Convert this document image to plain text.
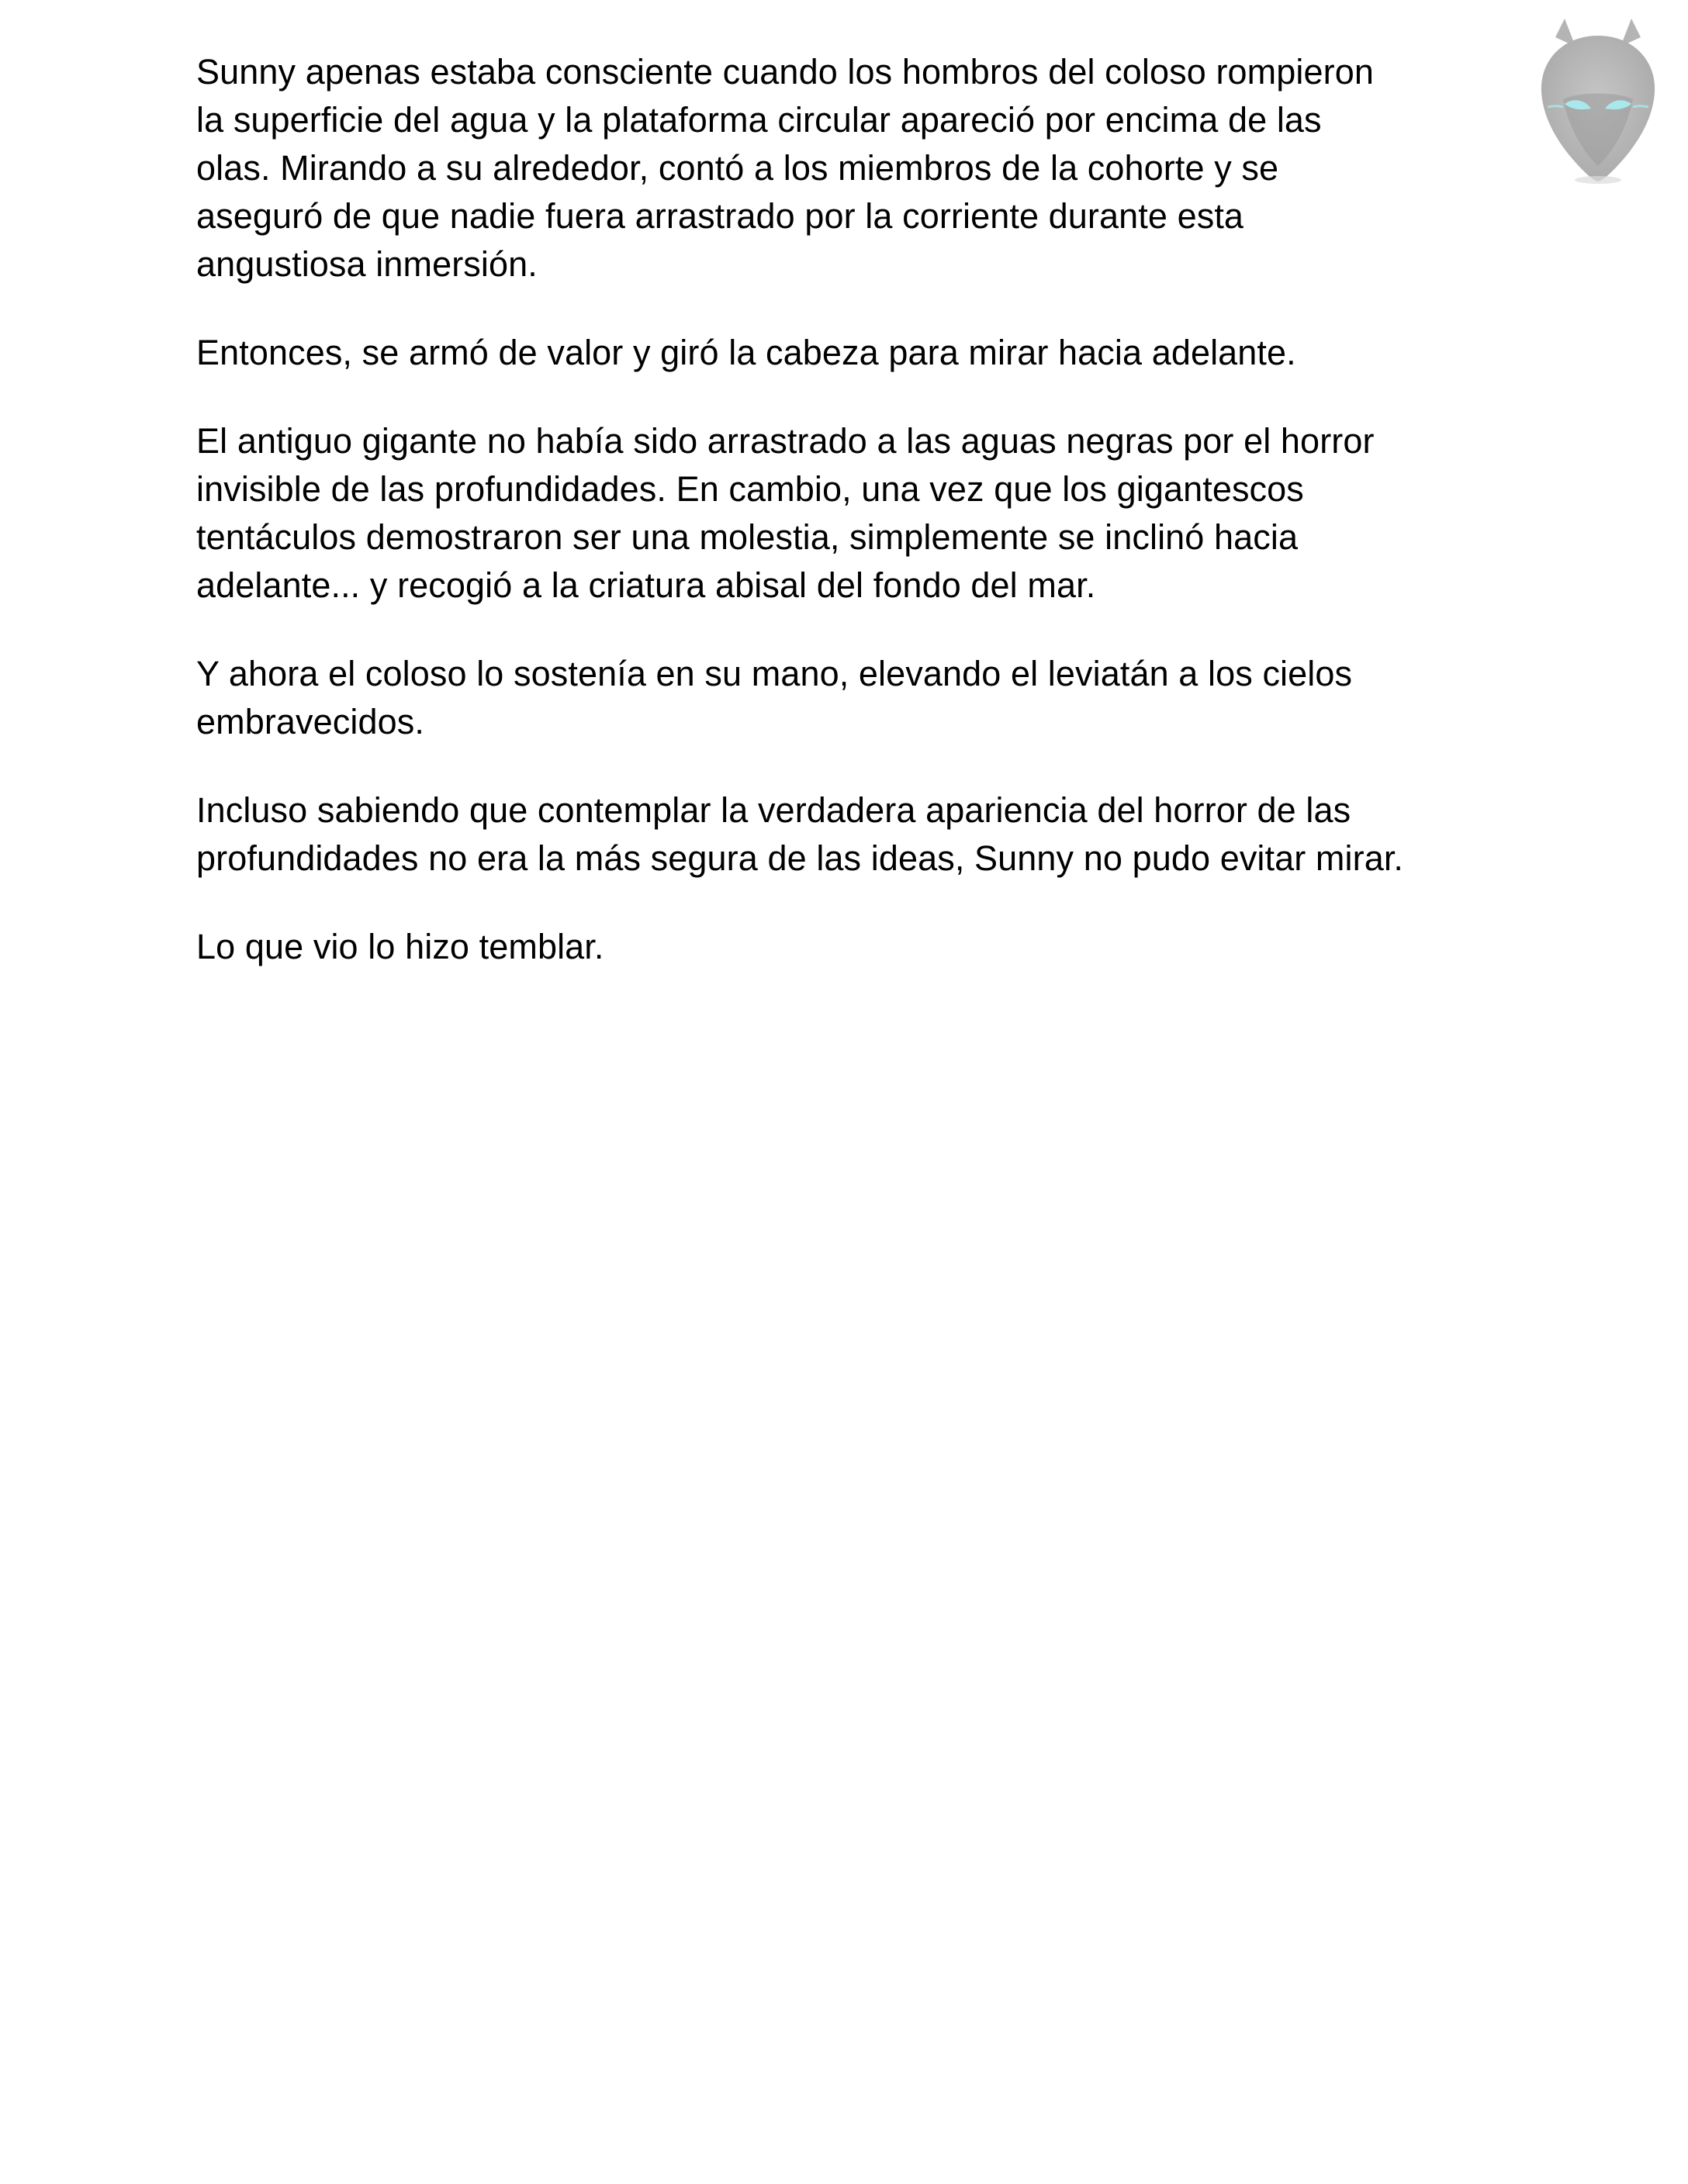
Sunny apenas estaba consciente cuando los hombros del coloso rompieron
la superficie del agua y la plataforma circular apareció por encima de las
olas. Mirando a su alrededor, contó a los miembros de la cohorte y se
aseguró de que nadie fuera arrastrado por la corriente durante esta
angustiosa inmersión.

Entonces, se armó de valor y giró la cabeza para mirar hacia adelante.

El antiguo gigante no había sido arrastrado a las aguas negras por el horror
invisible de las profundidades. En cambio, una vez que los gigantescos
tentáculos demostraron ser una molestia, simplemente se inclinó hacia
adelante... y recogió a la criatura abisal del fondo del mar.

Y ahora el coloso lo sostenía en su mano, elevando el leviatán a los cielos
embravecidos.

Incluso sabiendo que contemplar la verdadera apariencia del horror de las
profundidades no era la más segura de las ideas, Sunny no pudo evitar mirar.

Lo que vio lo hizo temblar.
